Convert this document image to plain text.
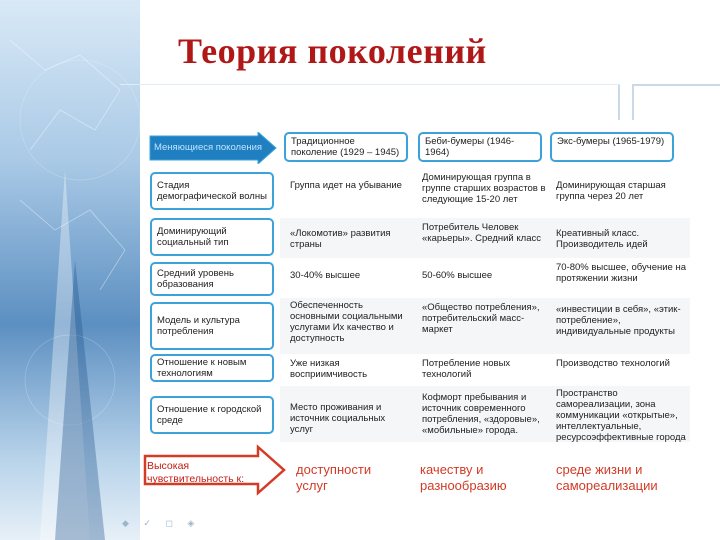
Теория поколений
Меняющиеся поколения
Традиционное поколение (1929 – 1945)
Беби-бумеры (1946-1964)
Экс-бумеры (1965-1979)
Стадия демографической волны
Доминирующий социальный тип
Средний уровень образования
Модель и культура потребления
Отношение к новым технологиям
Отношение к городской среде
Группа идет на убывание
Доминирующая группа в группе старших возрастов в следующие 15-20 лет
Доминирующая старшая группа через 20 лет
«Локомотив» развития страны
Потребитель Человек «карьеры». Средний класс	Креативный класс. Производитель идей
30-40% высшее	50-60% высшее
70-80% высшее, обучение на протяжении жизни
Обеспеченность основными социальными услугами Их качество и доступность
«Общество потребления», потребительский масс-маркет
«инвестиции в себя», «этик-потребление», индивидуальные продукты
Уже низкая восприимчивость
Потребление новых технологий
Производство технологий
Место проживания и источник социальных услуг
Кофморт пребывания и источник современного потребления, «здоровые», «мобильные» города.
Пространство самореализации, зона коммуникации «открытые», интеллектуальные, ресурсоэффективные города
Высокая чувствительность к:
доступности услуг
качеству и разнообразию
среде жизни и самореализации
◆ ✓ ◻ ◈
